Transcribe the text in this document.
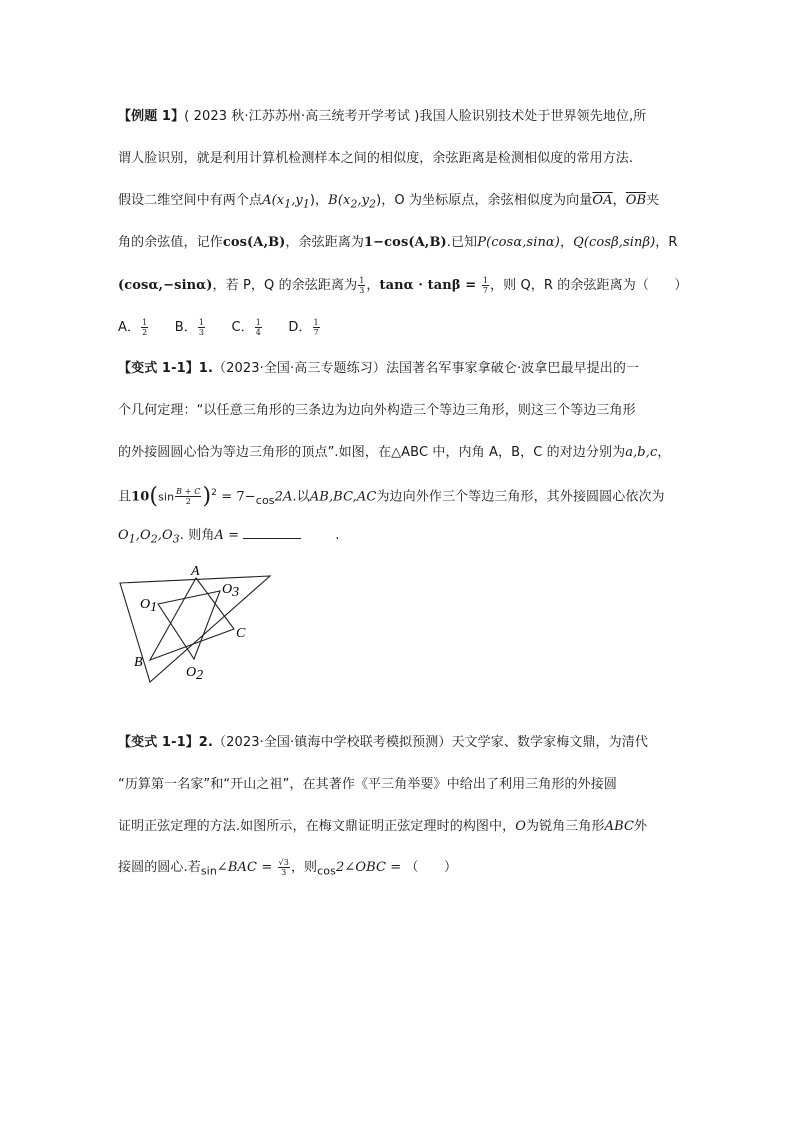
【例题 1】( 2023 秋·江苏苏州·高三统考开学考试 )我国人脸识别技术处于世界领先地位,所
谓人脸识别，就是利用计算机检测样本之间的相似度，余弦距离是检测相似度的常用方法.
假设二维空间中有两个点$A(x_1,y_1)$，$B(x_2,y_2)$，O 为坐标原点，余弦相似度为向量$\overline{OA}$，$\overline{OB}$夹
角的余弦值，记作cos(A,B)，余弦距离为1−cos(A,B).已知P(cosα,sinα)，Q(cosβ,sinβ)，R
(cosα,−sinα)，若 P，Q 的余弦距离为 $\frac{1}{3}$ ，$\tan\alpha \cdot \tan\beta = \frac{1}{7}$ ，则 Q，R 的余弦距离为（      ）
A． $\frac{1}{2}$ B． $\frac{1}{3}$ C． $\frac{1}{4}$ D． $\frac{1}{7}$
【变式 1-1】1.（2023·全国·高三专题练习）法国著名军事家拿破仑·波拿巴最早提出的一
个几何定理：“以任意三角形的三条边为边向外构造三个等边三角形，则这三个等边三角形
的外接圆圆心恰为等边三角形的顶点”.如图，在△ABC 中，内角 A，B，C 的对边分别为a,b,c，
且$10(\sin \frac{B + C}{2} )^2 = 7-_{cos}2A$.以AB,BC,AC为边向外作三个等边三角形，其外接圆圆心依次为
$O_1,O_2,O_3$. 则角A =	.
A
C
B
O1
O3
O2
【变式 1-1】2.（2023·全国·镇海中学校联考模拟预测）天文学家、数学家梅文鼎，为清代
“历算第一名家”和“开山之祖”，在其著作《平三角举要》中给出了利用三角形的外接圆
证明正弦定理的方法.如图所示，在梅文鼎证明正弦定理时的构图中，O为锐角三角形ABC外
接圆的圆心.若$_{sin}$∠BAC = $\frac{√3}{3}$ ，则$_{cos}$2∠OBC = （      ）
